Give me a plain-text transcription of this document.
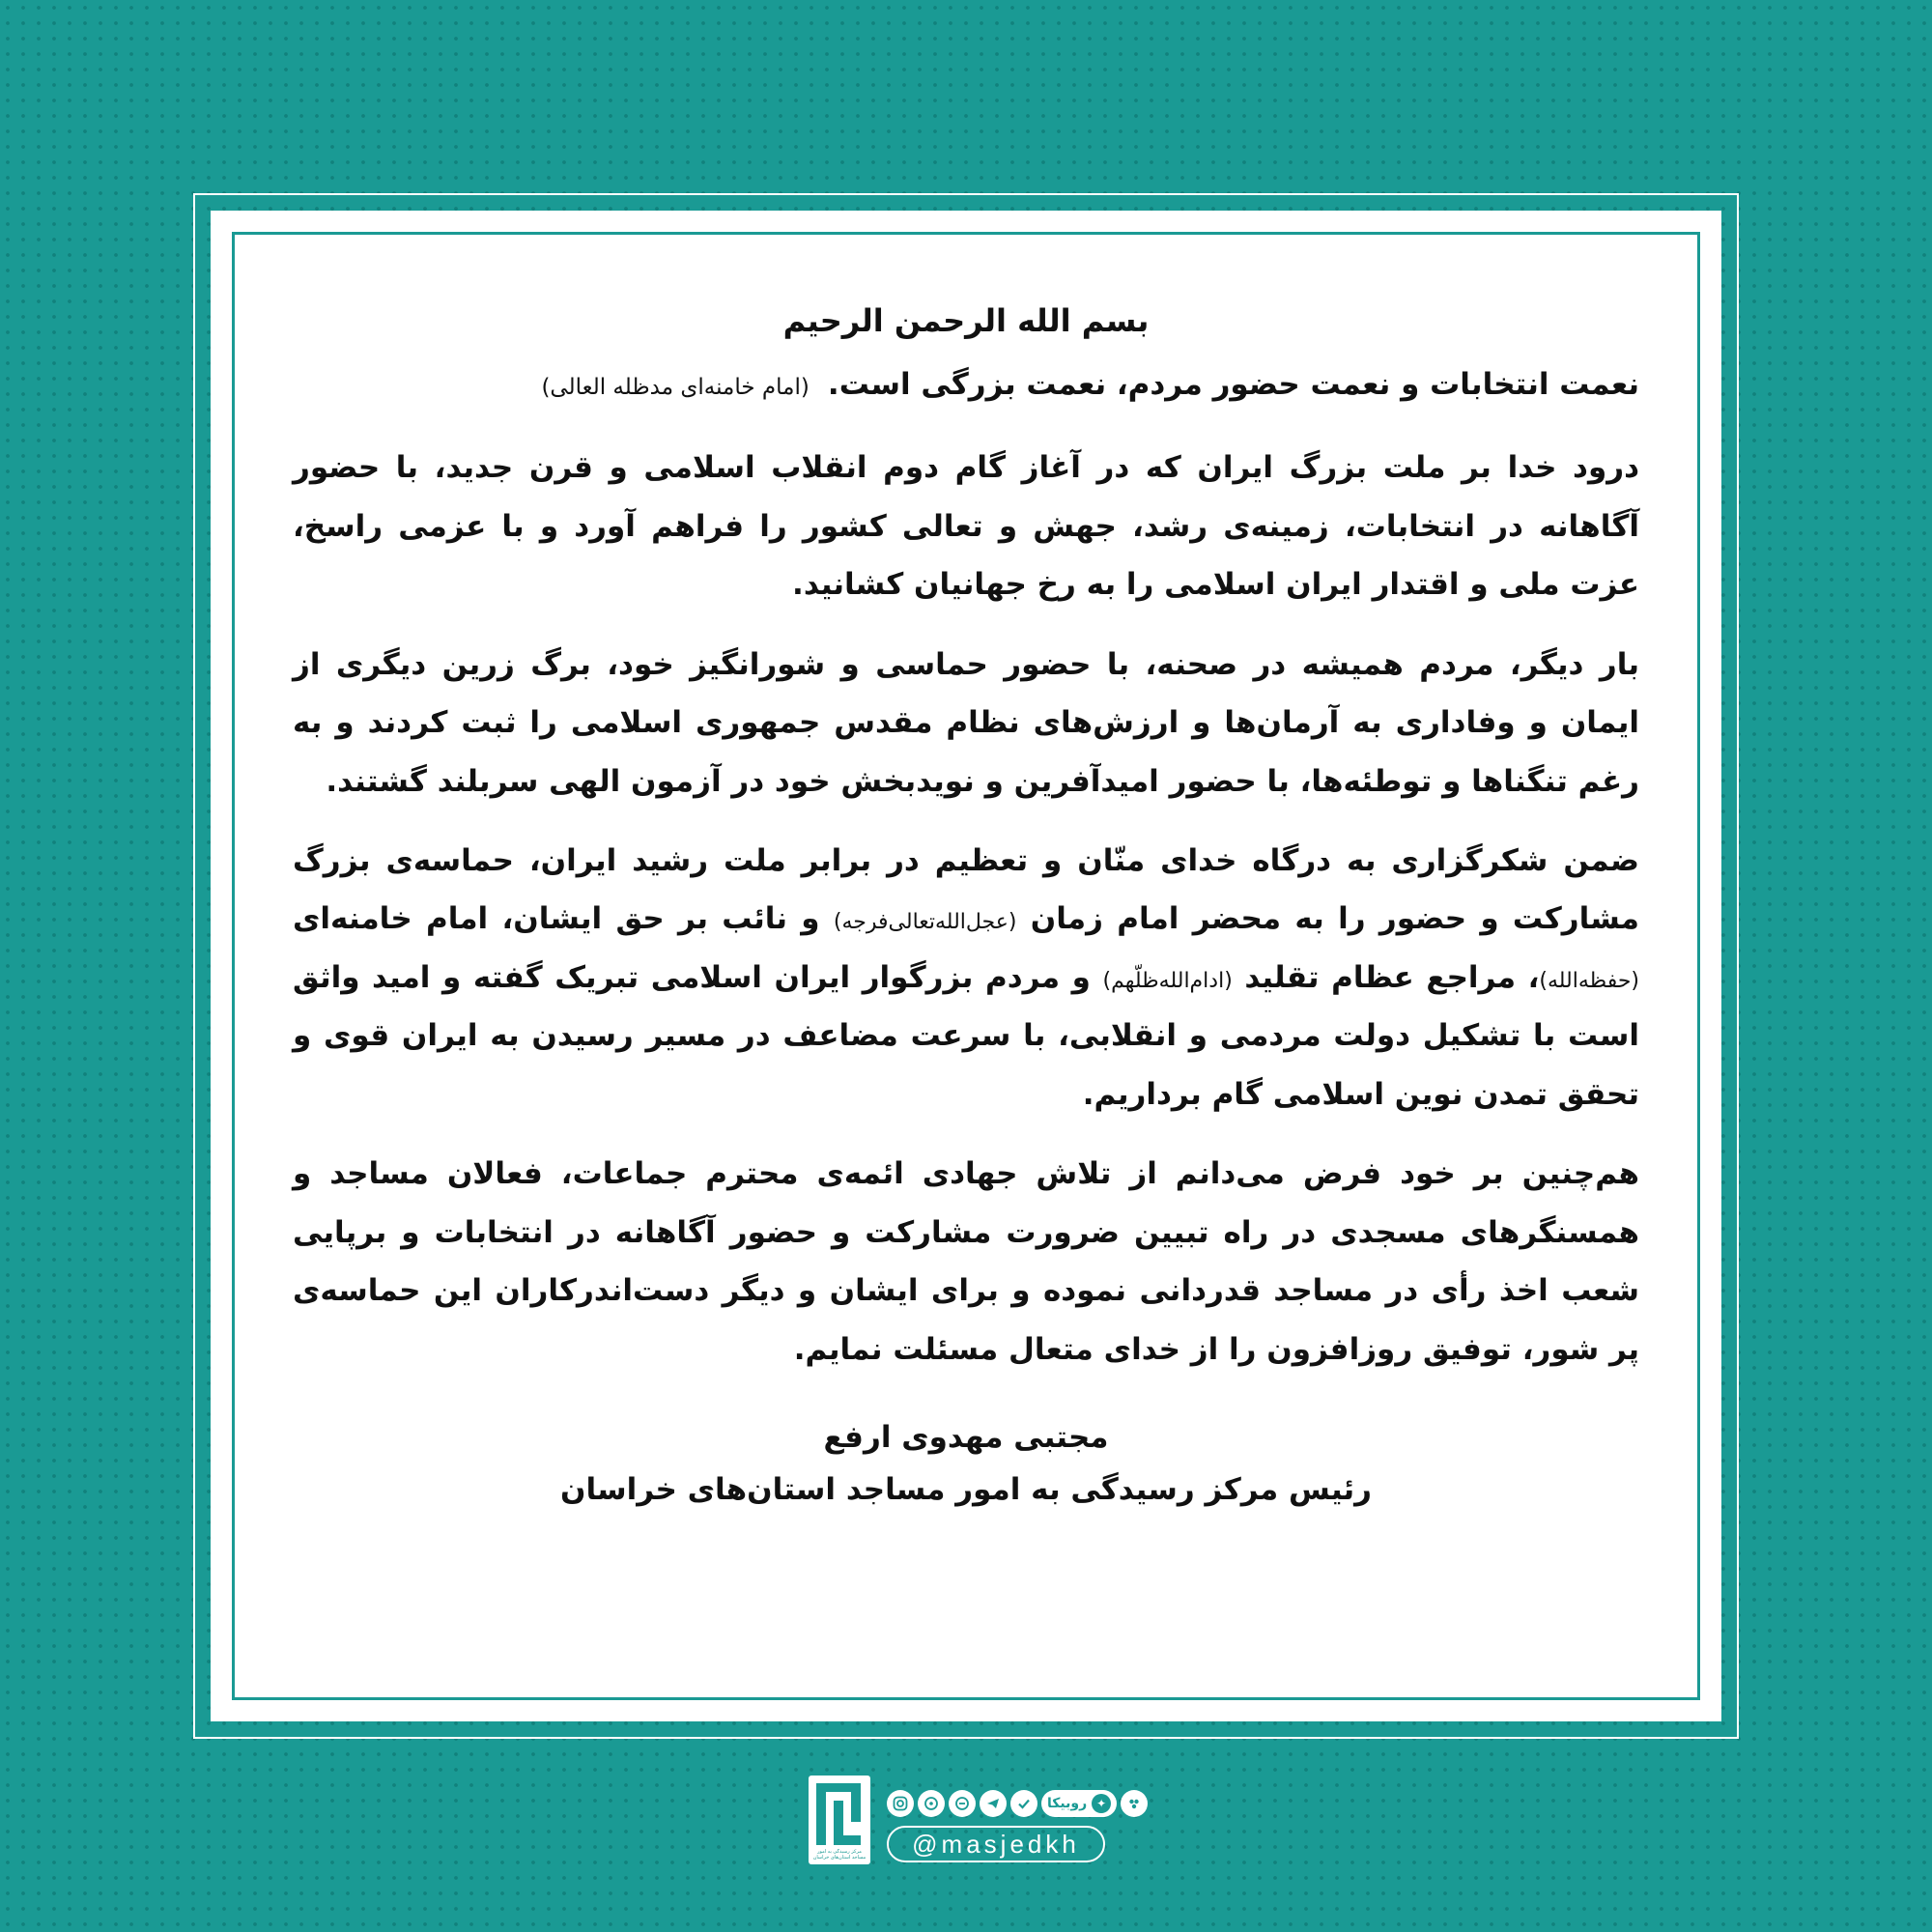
بسم الله الرحمن الرحیم
نعمت انتخابات و نعمت حضور مردم، نعمت بزرگی است. (امام خامنه‌ای مدظله العالی)

درود خدا بر ملت بزرگ ایران که در آغاز گام دوم انقلاب اسلامی و قرن جدید، با حضور آگاهانه در انتخابات، زمینه‌ی رشد، جهش و تعالی کشور را فراهم آورد و با عزمی راسخ، عزت ملی و اقتدار ایران اسلامی را به رخ جهانیان کشانید.

بار دیگر، مردم همیشه در صحنه، با حضور حماسی و شورانگیز خود، برگ زرین دیگری از ایمان و وفاداری به آرمان‌ها و ارزش‌های نظام مقدس جمهوری اسلامی را ثبت کردند و به رغم تنگناها و توطئه‌ها، با حضور امیدآفرین و نویدبخش خود در آزمون الهی سربلند گشتند.

ضمن شکرگزاری به درگاه خدای منّان و تعظیم در برابر ملت رشید ایران، حماسه‌ی بزرگ مشارکت و حضور را به محضر امام زمان (عجل‌الله‌تعالی‌فرجه) و نائب بر حق ایشان، امام خامنه‌ای (حفظه‌الله)، مراجع عظام تقلید (ادام‌الله‌ظلّهم) و مردم بزرگوار ایران اسلامی تبریک گفته و امید واثق است با تشکیل دولت مردمی و انقلابی، با سرعت مضاعف در مسیر رسیدن به ایران قوی و تحقق تمدن نوین اسلامی گام برداریم.

هم‌چنین بر خود فرض می‌دانم از تلاش جهادی ائمه‌ی محترم جماعات، فعالان مساجد و همسنگرهای مسجدی در راه تبیین ضرورت مشارکت و حضور آگاهانه در انتخابات و برپایی شعب اخذ رأی در مساجد قدردانی نموده و برای ایشان و دیگر دست‌اندرکاران این حماسه‌ی پر شور، توفیق روزافزون را از خدای متعال مسئلت نمایم.

مجتبی مهدوی ارفع
رئیس مرکز رسیدگی به امور مساجد استان‌های خراسان
مرکز رسیدگی به امور مساجد استان‌های خراسان
✦
روبیکا
@masjedkh
